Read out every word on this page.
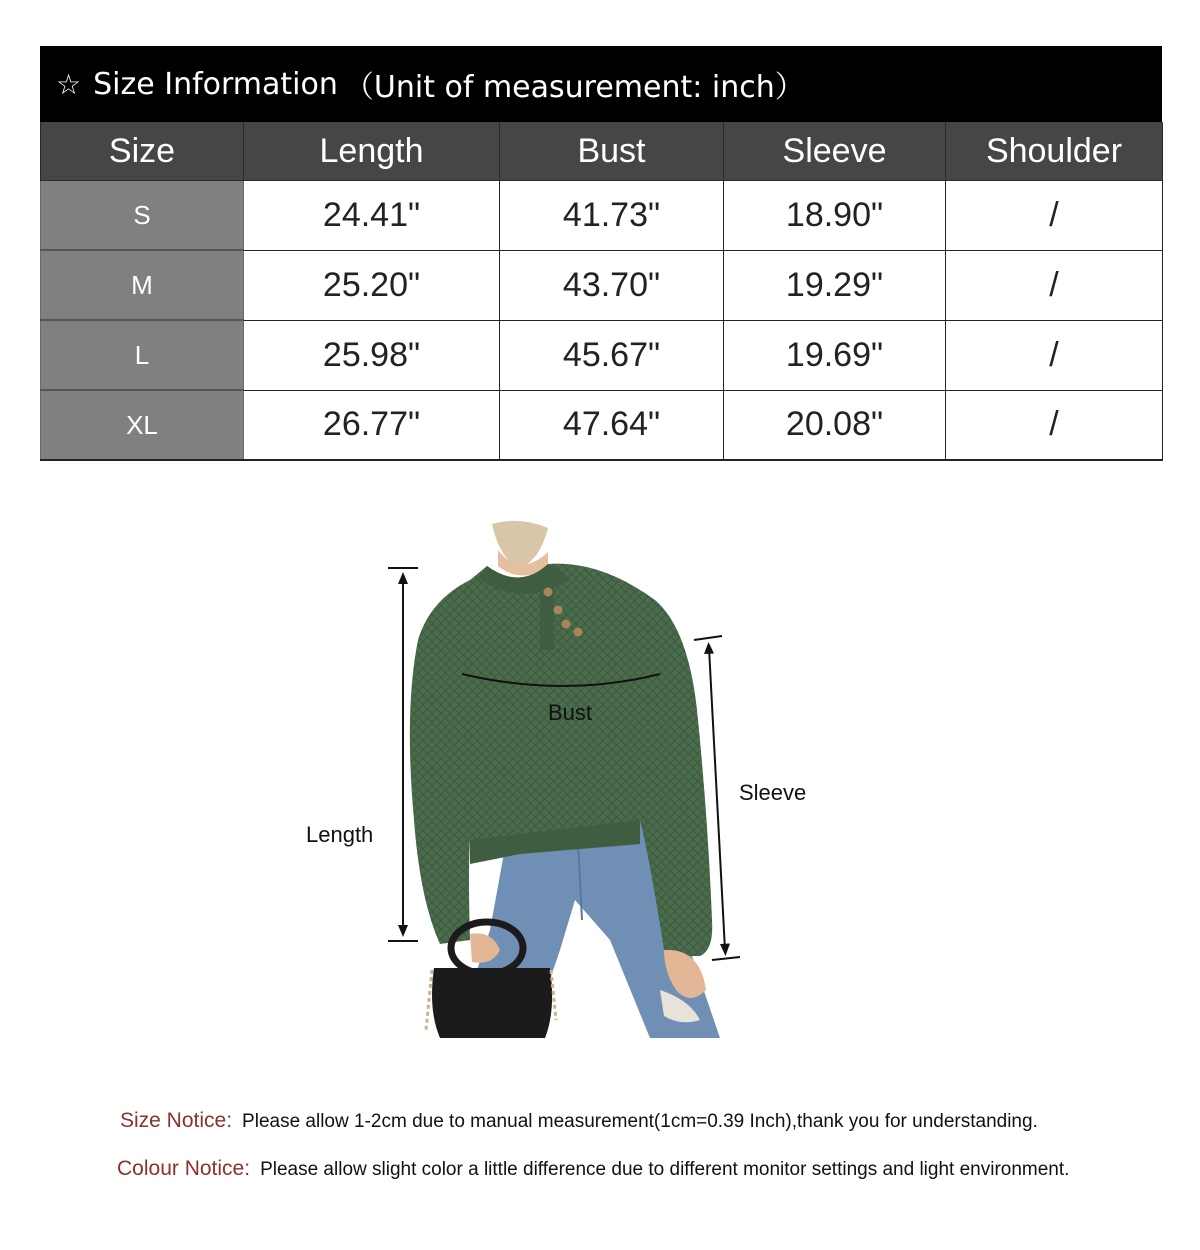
☆ Size Information （Unit of measurement: inch）
Size	Length	Bust	Sleeve	Shoulder
S	24.41"	41.73"	18.90"	/
M	25.20"	43.70"	19.29"	/
L	25.98"	45.67"	19.69"	/
XL	26.77"	47.64"	20.08"	/
Length
Bust
Sleeve
Size Notice: Please allow 1-2cm due to manual measurement(1cm=0.39 Inch),thank you for understanding.
Colour Notice: Please allow slight color a little difference due to different monitor settings and light environment.
